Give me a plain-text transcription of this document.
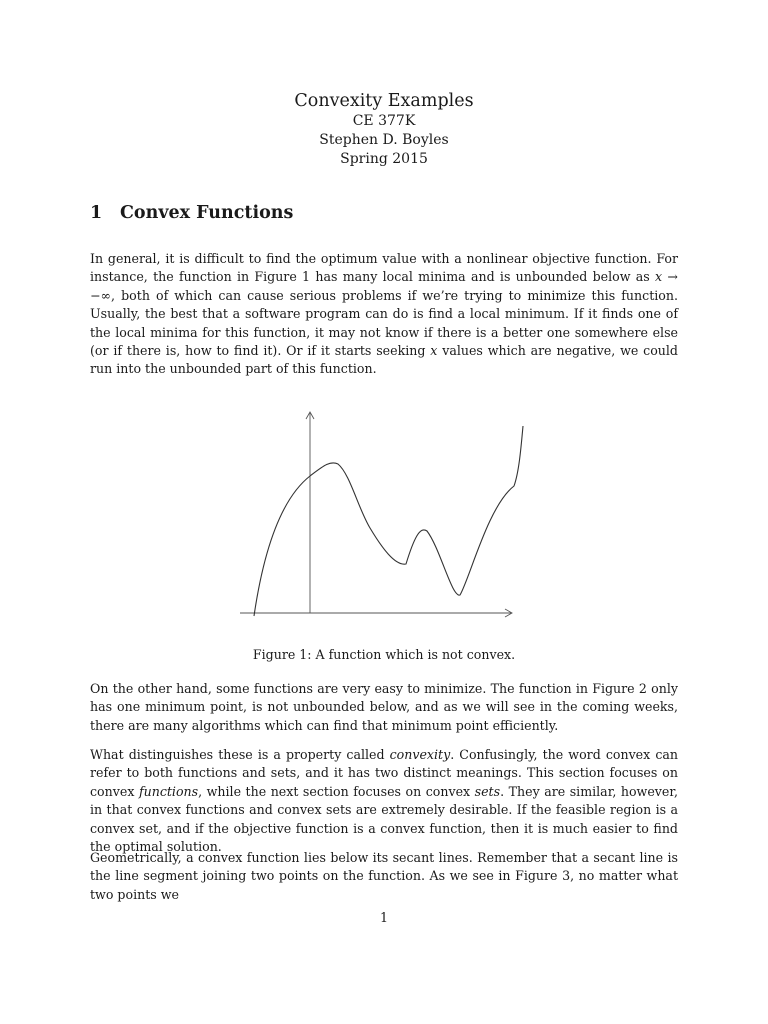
Convexity Examples

CE 377K

Stephen D. Boyles

Spring 2015

1 Convex Functions

In general, it is difficult to find the optimum value with a nonlinear objective function. For instance, the function in Figure 1 has many local minima and is unbounded below as x → −∞, both of which can cause serious problems if we’re trying to minimize this function. Usually, the best that a software program can do is find a local minimum. If it finds one of the local minima for this function, it may not know if there is a better one somewhere else (or if there is, how to find it). Or if it starts seeking x values which are negative, we could run into the unbounded part of this function.

Figure 1: A function which is not convex.

On the other hand, some functions are very easy to minimize. The function in Figure 2 only has one minimum point, is not unbounded below, and as we will see in the coming weeks, there are many algorithms which can find that minimum point efficiently.

What distinguishes these is a property called convexity. Confusingly, the word convex can refer to both functions and sets, and it has two distinct meanings. This section focuses on convex functions, while the next section focuses on convex sets. They are similar, however, in that convex functions and convex sets are extremely desirable. If the feasible region is a convex set, and if the objective function is a convex function, then it is much easier to find the optimal solution.

Geometrically, a convex function lies below its secant lines. Remember that a secant line is the line segment joining two points on the function. As we see in Figure 3, no matter what two points we

1
